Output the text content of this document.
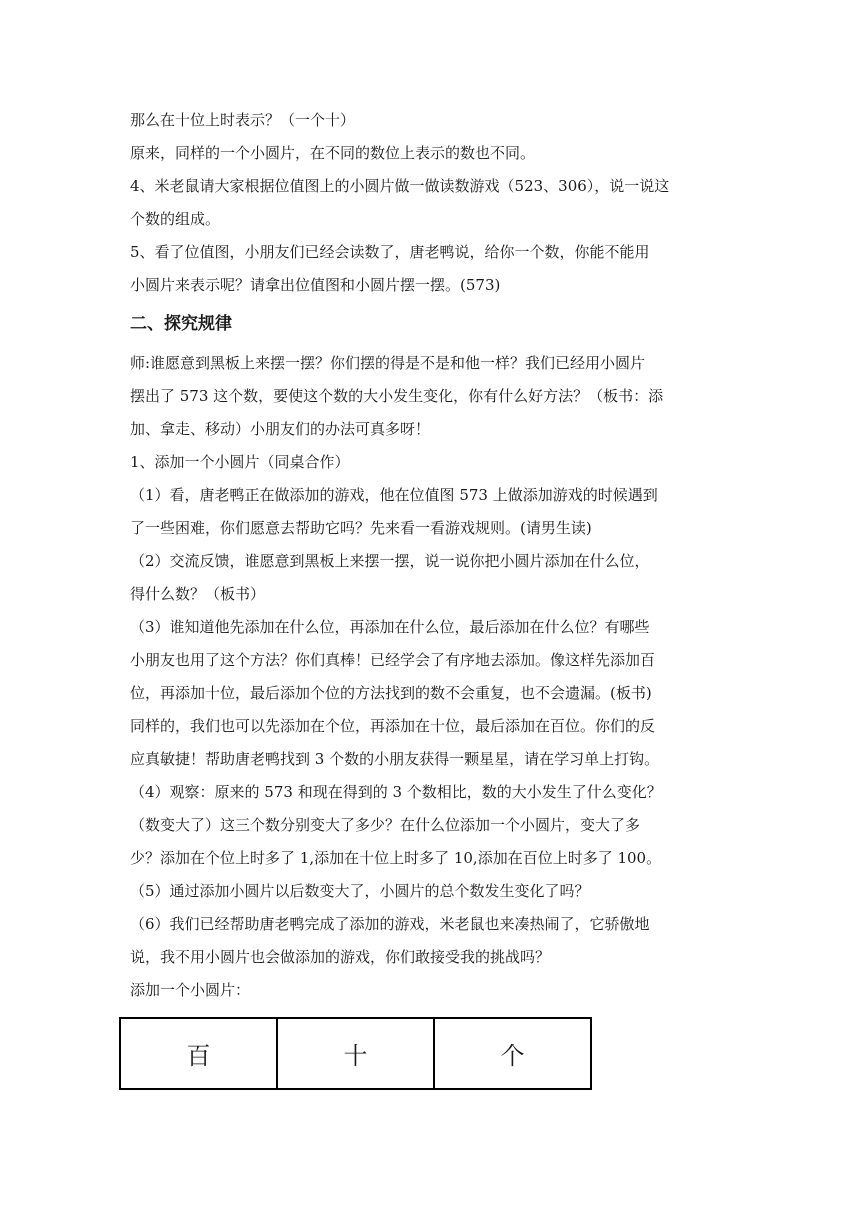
那么在十位上时表示？（一个十）

原来，同样的一个小圆片，在不同的数位上表示的数也不同。

4、米老鼠请大家根据位值图上的小圆片做一做读数游戏（523、306），说一说这

个数的组成。

5、看了位值图，小朋友们已经会读数了，唐老鸭说，给你一个数，你能不能用

小圆片来表示呢？请拿出位值图和小圆片摆一摆。(573)

二、探究规律

师:谁愿意到黑板上来摆一摆？你们摆的得是不是和他一样？我们已经用小圆片

摆出了 573 这个数，要使这个数的大小发生变化，你有什么好方法？（板书：添

加、拿走、移动）小朋友们的办法可真多呀！

1、添加一个小圆片（同桌合作）

（1）看，唐老鸭正在做添加的游戏，他在位值图 573 上做添加游戏的时候遇到

了一些困难，你们愿意去帮助它吗？先来看一看游戏规则。(请男生读)

（2）交流反馈，谁愿意到黑板上来摆一摆，说一说你把小圆片添加在什么位，

得什么数？（板书）

（3）谁知道他先添加在什么位，再添加在什么位，最后添加在什么位？有哪些

小朋友也用了这个方法？你们真棒！已经学会了有序地去添加。像这样先添加百

位，再添加十位，最后添加个位的方法找到的数不会重复，也不会遗漏。(板书)

同样的，我们也可以先添加在个位，再添加在十位，最后添加在百位。你们的反

应真敏捷！帮助唐老鸭找到 3 个数的小朋友获得一颗星星，请在学习单上打钩。

（4）观察：原来的 573 和现在得到的 3 个数相比，数的大小发生了什么变化？

（数变大了）这三个数分别变大了多少？在什么位添加一个小圆片，变大了多

少？添加在个位上时多了 1,添加在十位上时多了 10,添加在百位上时多了 100。

（5）通过添加小圆片以后数变大了，小圆片的总个数发生变化了吗？

（6）我们已经帮助唐老鸭完成了添加的游戏，米老鼠也来凑热闹了，它骄傲地

说，我不用小圆片也会做添加的游戏，你们敢接受我的挑战吗？

添加一个小圆片：

百	十	个
